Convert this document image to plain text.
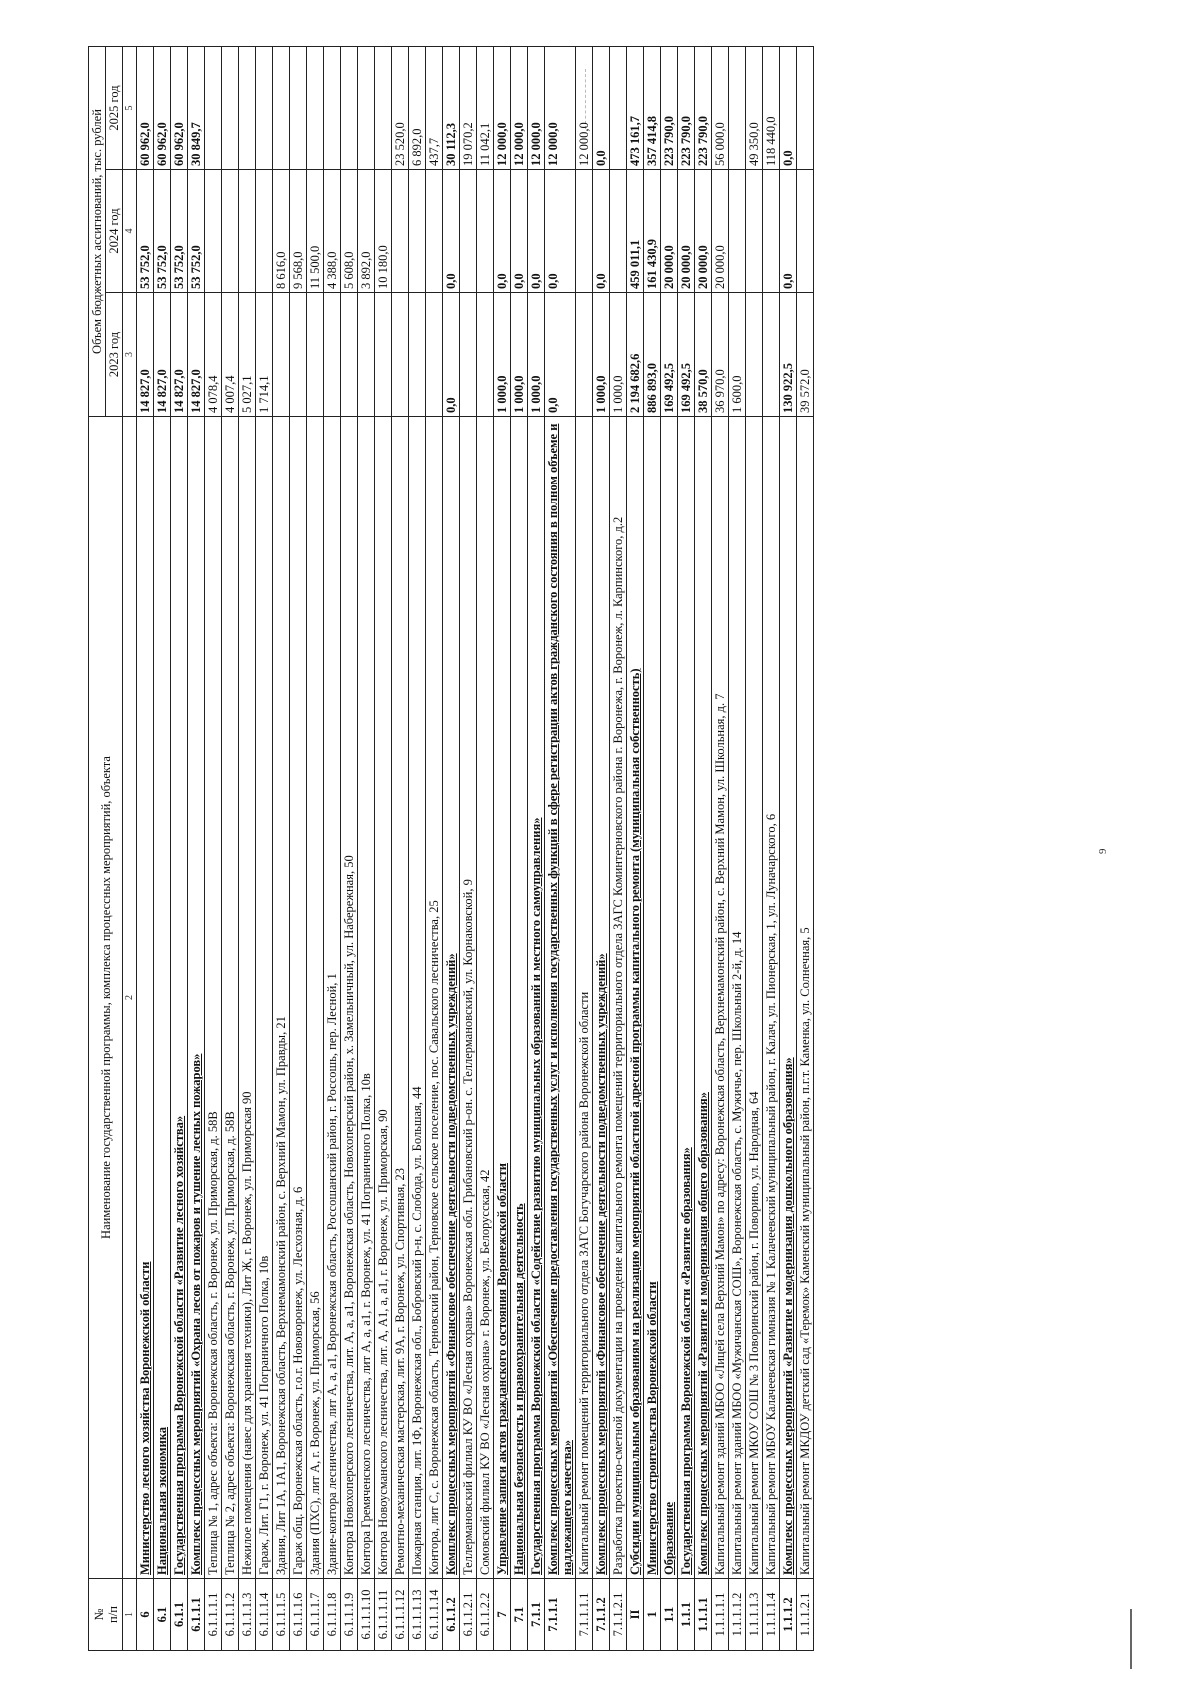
9
№
п/п	Наименование государственной программы, комплекса процессных мероприятий, объекта	Объем бюджетных ассигнований, тыс. рублей		
		2023 год	2024 год	2025 год
1	2	3	4	5
6	Министерство лесного хозяйства Воронежской области	14 827,0	53 752,0	60 962,0
6.1	Национальная экономика	14 827,0	53 752,0	60 962,0
6.1.1	Государственная программа Воронежской области «Развитие лесного хозяйства»	14 827,0	53 752,0	60 962,0
6.1.1.1	Комплекс процессных мероприятий «Охрана лесов от пожаров и тушение лесных пожаров»	14 827,0	53 752,0	30 849,7
6.1.1.1.1	Теплица № 1, адрес объекта: Воронежская область, г. Воронеж, ул. Приморская, д. 58В	4 078,4		
6.1.1.1.2	Теплица № 2, адрес объекта: Воронежская область, г. Воронеж, ул. Приморская, д. 58В	4 007,4		
6.1.1.1.3	Нежилое помещения (навес для хранения техники), Лит Ж, г. Воронеж, ул. Приморская 90	5 027,1		
6.1.1.1.4	Гараж, Лит. Г1, г. Воронеж, ул. 41 Пограничного Полка, 10в	1 714,1		
6.1.1.1.5	Здания, Лит 1А, 1А1, Воронежская область, Верхнемамонский район, с. Верхний Мамон, ул. Правды, 21		8 616,0	
6.1.1.1.6	Гараж общ. Воронежская область, г.о.г. Нововоронеж, ул. Лесхозная, д. 6		9 568,0	
6.1.1.1.7	Здания (ПХС), лит А, г. Воронеж, ул. Приморская, 56		11 500,0	
6.1.1.1.8	Здание-контора лесничества, лит А, а, а1, Воронежская область, Россошанский район, г. Россошь, пер. Лесной, 1		4 388,0	
6.1.1.1.9	Контора Новохоперского лесничества, лит. А, а, а1, Воронежская область, Новохоперский район, х. Замельничный, ул. Набережная, 50		5 608,0	
6.1.1.1.10	Контора Гремяченского лесничества, лит А, а, а1, г. Воронеж, ул. 41 Пограничного Полка, 10в		3 892,0	
6.1.1.1.11	Контора Новоусманского лесничества, лит. А, А1, а, а1, г. Воронеж, ул. Приморская, 90		10 180,0	
6.1.1.1.12	Ремонтно-механическая мастерская, лит. 9А, г. Воронеж, ул. Спортивная, 23			23 520,0
6.1.1.1.13	Пожарная станция, лит. 1Ф, Воронежская обл., Бобровский р-н, с. Слобода, ул. Большая, 44			6 892,0
6.1.1.1.14	Контора, лит С, с. Воронежская область, Терновский район, Терновское сельское поселение, пос. Савальского лесничества, 25			437,7
6.1.1.2	Комплекс процессных мероприятий «Финансовое обеспечение деятельности подведомственных учреждений»	0,0	0,0	30 112,3
6.1.1.2.1	Теллермановский филиал КУ ВО «Лесная охрана» Воронежская обл. Грибановский р-он. с. Теллермановский, ул. Корнаковской, 9			19 070,2
6.1.1.2.2	Сомовский филиал КУ ВО «Лесная охрана» г. Воронеж, ул. Белорусская, 42			11 042,1
7	Управление записи актов гражданского состояния Воронежской области	1 000,0	0,0	12 000,0
7.1	Национальная безопасность и правоохранительная деятельность	1 000,0	0,0	12 000,0
7.1.1	Государственная программа Воронежской области «Содействие развитию муниципальных образований и местного самоуправления»	1 000,0	0,0	12 000,0
7.1.1.1	Комплекс процессных мероприятий «Обеспечение предоставления государственных услуг и исполнения государственных функций в сфере регистрации актов гражданского состояния в полном объеме и надлежащего качества»	0,0	0,0	12 000,0
7.1.1.1.1	Капитальный ремонт помещений территориального отдела ЗАГС Богучарского района Воронежской области			12 000,0
7.1.1.2	Комплекс процессных мероприятий «Финансовое обеспечение деятельности подведомственных учреждений»	1 000,0	0,0	0,0
7.1.1.2.1	Разработка проектно-сметной документации на проведение капитального ремонта помещений территориального отдела ЗАГС Коминтерновского района г. Воронежа, г. Воронеж, л. Карпинского, д.2	1 000,0		
II	Субсидии муниципальным образованиям на реализацию мероприятий областной адресной программы капитального ремонта (муниципальная собственность)	2 194 682,6	459 011,1	473 161,7
1	Министерство строительства Воронежской области	886 893,0	161 430,9	357 414,8
1.1	Образование	169 492,5	20 000,0	223 790,0
1.1.1	Государственная программа Воронежской области «Развитие образования»	169 492,5	20 000,0	223 790,0
1.1.1.1	Комплекс процессных мероприятий «Развитие и модернизация общего образования»	38 570,0	20 000,0	223 790,0
1.1.1.1.1	Капитальный ремонт зданий МБОО «Лицей села Верхний Мамон» по адресу: Воронежская область, Верхнемамонский район, с. Верхний Мамон, ул. Школьная, д. 7	36 970,0	20 000,0	56 000,0
1.1.1.1.2	Капитальный ремонт зданий МБОО «Мужичанская СОШ», Воронежская область, с. Мужичье, пер. Школьный 2-й, д. 14	1 600,0		
1.1.1.1.3	Капитальный ремонт МКОУ СОШ № 3 Поворинский район, г. Поворино, ул. Народная, 64			49 350,0
1.1.1.1.4	Капитальный ремонт МБОУ Калачеевская гимназия № 1 Калачеевский муниципальный район, г. Калач, ул. Пионерская, 1, ул. Луначарского, 6			118 440,0
1.1.1.2	Комплекс процессных мероприятий «Развитие и модернизация дошкольного образования»	130 922,5	0,0	0,0
1.1.1.2.1	Капитальный ремонт МКДОУ детский сад «Теремок» Каменский муниципальный район, п.г.т. Каменка, ул. Солнечная, 5	39 572,0		
